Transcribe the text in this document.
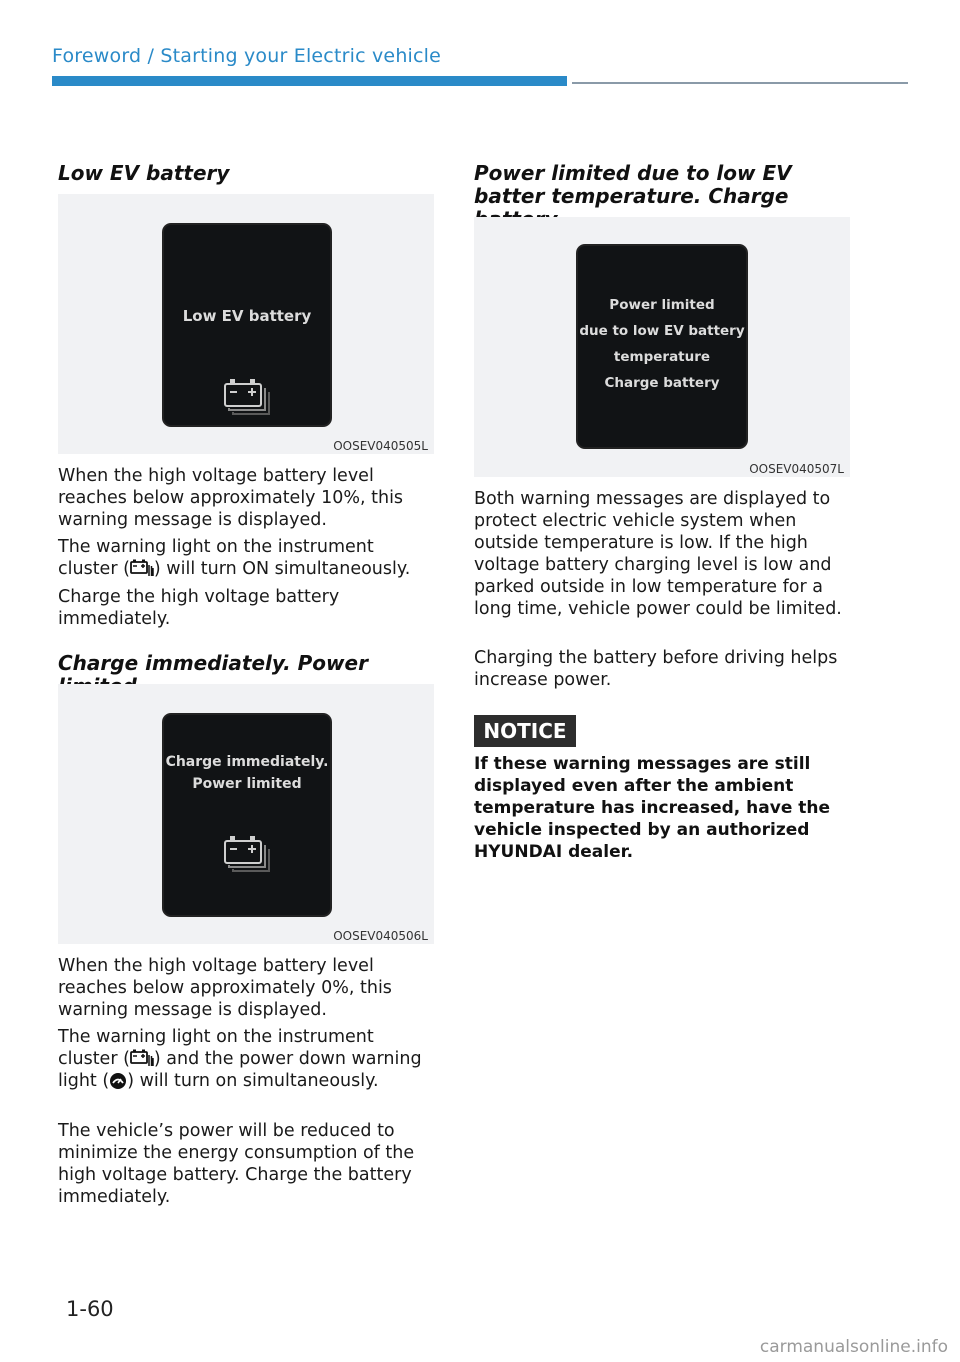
Foreword / Starting your Electric vehicle
Low EV battery
Low EV battery
OOSEV040505L

When the high voltage battery level reaches below approximately 10%, this warning message is displayed.

The warning light on the instrument cluster ( ) will turn ON simultaneously.

Charge the high voltage battery immediately.

Charge immediately. Power
Charge immediately.
Power limited
OOSEV040506L

When the high voltage battery level reaches below approximately 0%, this warning message is displayed.

The warning light on the instrument cluster ( ) and the power down warning light ( ) will turn on simultaneously.

The vehicle’s power will be reduced to minimize the energy consumption of the high voltage battery. Charge the battery immediately.

Power limited due to low EV batter temperature. Charge
Power limited
due to low EV battery
temperature
Charge battery
OOSEV040507L

Both warning messages are displayed to protect electric vehicle system when outside temperature is low. If the high voltage battery charging level is low and parked outside in low temperature for a long time, vehicle power could be limited.

Charging the battery before driving helps increase power.

NOTICE

If these warning messages are still displayed even after the ambient temperature has increased, have the vehicle inspected by an authorized HYUNDAI dealer.

1-60
carmanualsonline.info
